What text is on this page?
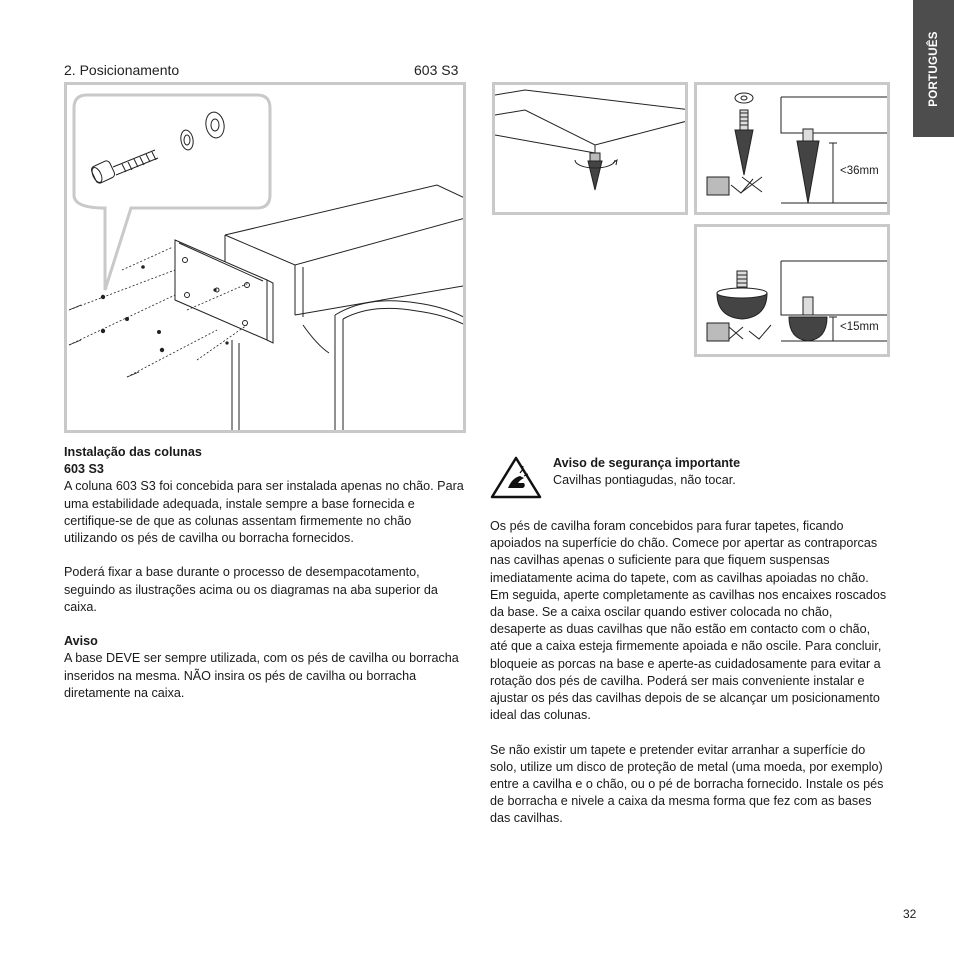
2. Posicionamento	603 S3	PORTUGUÊS
<36mm
<15mm
Instalação das colunas
603 S3

A coluna 603 S3 foi concebida para ser instalada apenas no chão. Para uma estabilidade adequada, instale sempre a base fornecida e certifique-se de que as colunas assentam firmemente no chão utilizando os pés de cavilha ou borracha fornecidos.

Poderá fixar a base durante o processo de desempacotamento, seguindo as ilustrações acima ou os diagramas na aba superior da caixa.

Aviso

A base DEVE ser sempre utilizada, com os pés de cavilha ou borracha inseridos na mesma. NÃO insira os pés de cavilha ou borracha diretamente na caixa.

Aviso de segurança importante
Cavilhas pontiagudas, não tocar.

Os pés de cavilha foram concebidos para furar tapetes, ficando apoiados na superfície do chão. Comece por apertar as contraporcas nas cavilhas apenas o suficiente para que fiquem suspensas imediatamente acima do tapete, com as cavilhas apoiadas no chão. Em seguida, aperte completamente as cavilhas nos encaixes roscados da base. Se a caixa oscilar quando estiver colocada no chão, desaperte as duas cavilhas que não estão em contacto com o chão, até que a caixa esteja firmemente apoiada e não oscile. Para concluir, bloqueie as porcas na base e aperte-as cuidadosamente para evitar a rotação dos pés de cavilha. Poderá ser mais conveniente instalar e ajustar os pés das cavilhas depois de se alcançar um posicionamento ideal das colunas.

Se não existir um tapete e pretender evitar arranhar a superfície do solo, utilize um disco de proteção de metal (uma moeda, por exemplo) entre a cavilha e o chão, ou o pé de borracha fornecido. Instale os pés de borracha e nivele a caixa da mesma forma que fez com as bases das cavilhas.

32
